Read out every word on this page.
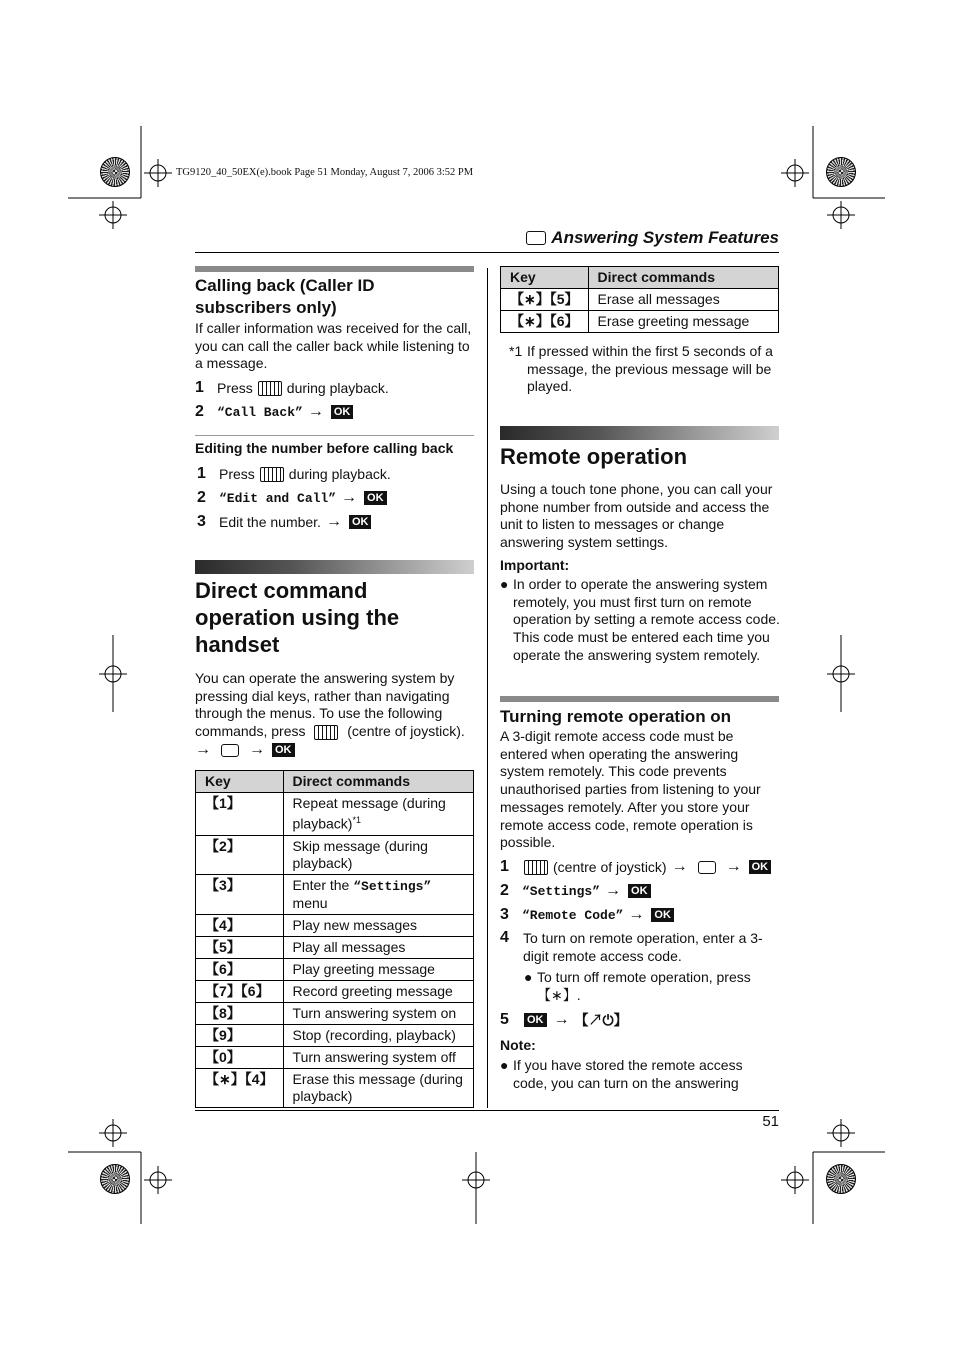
TG9120_40_50EX(e).book Page 51 Monday, August 7, 2006 3:52 PM
Answering System Features
Calling back (Caller ID subscribers only)

If caller information was received for the call, you can call the caller back while listening to a message.

1 Press during playback.
2	“Call Back” → OK
Editing the number before calling back
1 Press during playback.
2	“Edit and Call” → OK
3 Edit the number. → OK
Direct command
operation using the
handset

You can operate the answering system by pressing dial keys, rather than navigating through the menus. To use the following commands, press	(centre of joystick).

→ → OK
Key	Direct commands
【1】	Repeat message (during playback)$^{*1}$
【2】	Skip message (during playback)
【3】	Enter the “Settings” menu
【4】	Play new messages
【5】	Play all messages
【6】	Play greeting message
【7】【6】	Record greeting message
【8】	Turn answering system on
【9】	Stop (recording, playback)
【0】	Turn answering system off
【∗】【4】	Erase this message (during playback)
Key	Direct commands
【∗】【5】	Erase all messages
【∗】【6】	Erase greeting message
*1 If pressed within the first 5 seconds of a message, the previous message will be played.
Remote operation

Using a touch tone phone, you can call your phone number from outside and access the unit to listen to messages or change answering system settings.

Important:
● In order to operate the answering system remotely, you must first turn on remote operation by setting a remote access code. This code must be entered each time you operate the answering system remotely.
Turning remote operation on

A 3-digit remote access code must be entered when operating the answering system remotely. This code prevents unauthorised parties from listening to your messages remotely. After you store your remote access code, remote operation is possible.

1	(centre of joystick) → → OK
2	“Settings” → OK
3	“Remote Code” → OK
4	To turn on remote operation, enter a 3-digit remote access code.
● To turn off remote operation, press 【∗】.
5	OK → 【↗⏻】
Note:
● If you have stored the remote access code, you can turn on the answering
51
